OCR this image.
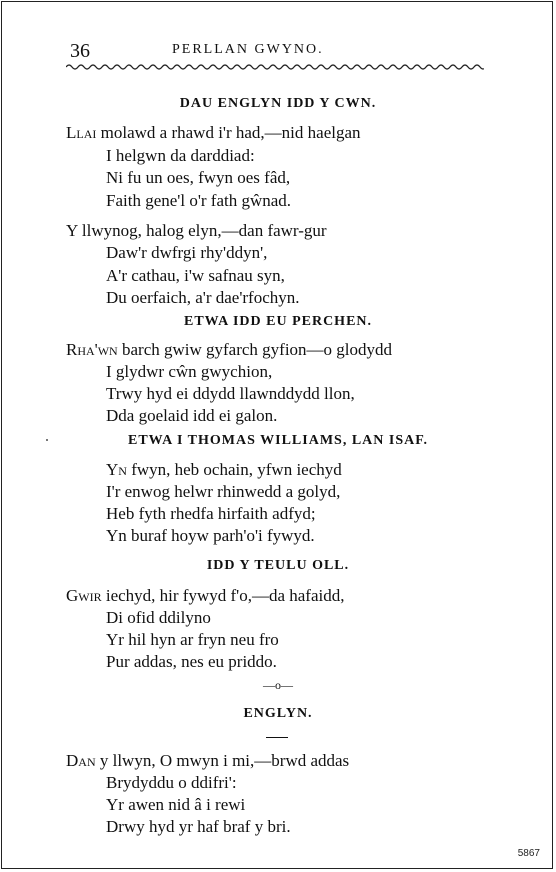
36	PERLLAN GWYNO.
DAU ENGLYN IDD Y CWN.
Llai molawd a rhawd i'r had,—nid haelgan
I helgwn da darddiad:
Ni fu un oes, fwyn oes fâd,
Faith gene'l o'r fath gŵnad.
Y llwynog, halog elyn,—dan fawr-gur
Daw'r dwfrgi rhy'ddyn',
A'r cathau, i'w safnau syn,
Du oerfaich, a'r dae'rfochyn.
ETWA IDD EU PERCHEN.
Rha'wn barch gwiw gyfarch gyfion—o glodydd
I glydwr cŵn gwychion,
Trwy hyd ei ddydd llawnddydd llon,
Dda goelaid idd ei galon.
ETWA I THOMAS WILLIAMS, LAN ISAF.
Yn fwyn, heb ochain, yfwn iechyd
I'r enwog helwr rhinwedd a golyd,
Heb fyth rhedfa hirfaith adfyd;
Yn buraf hoyw parh'o'i fywyd.
IDD Y TEULU OLL.
Gwir iechyd, hir fywyd f'o,—da hafaidd,
Di ofid ddilyno
Yr hil hyn ar fryn neu fro
Pur addas, nes eu priddo.
—o—
ENGLYN.
Dan y llwyn, O mwyn i mi,—brwd addas
Brydyddu o ddifri':
Yr awen nid â i rewi
Drwy hyd yr haf braf y bri.
5867
